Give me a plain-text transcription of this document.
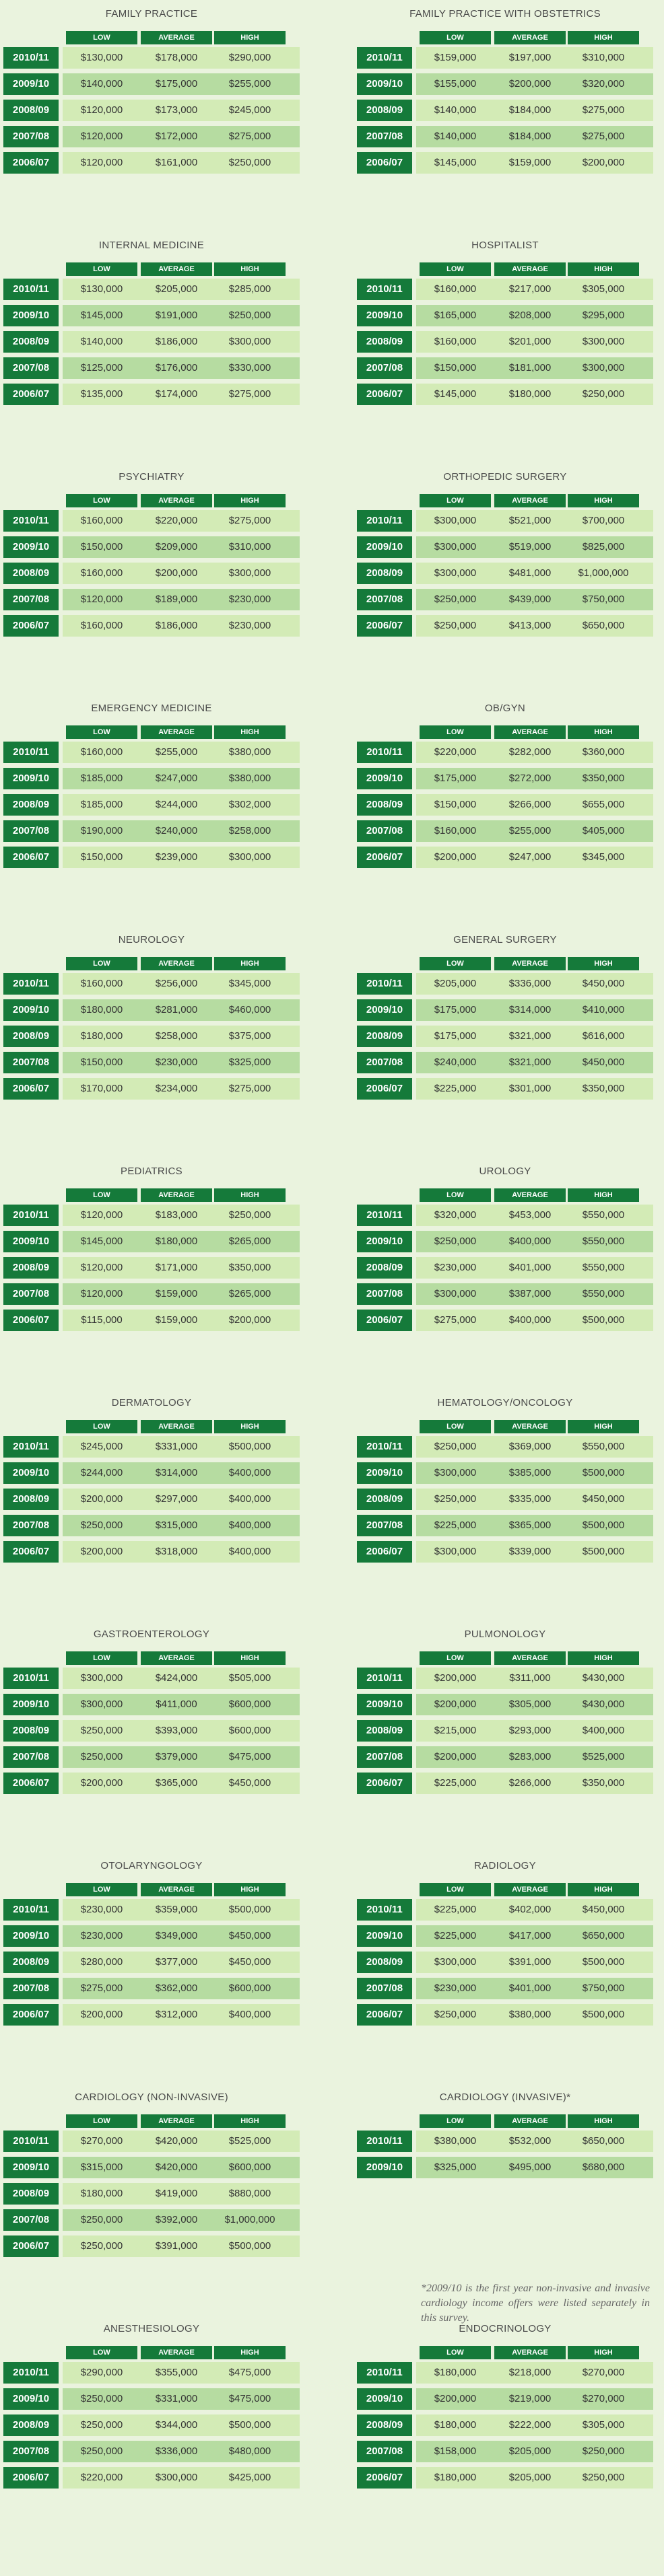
FAMILY PRACTICE
LOW	AVERAGE	HIGH
2010/11	$130,000	$178,000	$290,000
2009/10	$140,000	$175,000	$255,000
2008/09	$120,000	$173,000	$245,000
2007/08	$120,000	$172,000	$275,000
2006/07	$120,000	$161,000	$250,000
FAMILY PRACTICE WITH OBSTETRICS
LOW	AVERAGE	HIGH
2010/11	$159,000	$197,000	$310,000
2009/10	$155,000	$200,000	$320,000
2008/09	$140,000	$184,000	$275,000
2007/08	$140,000	$184,000	$275,000
2006/07	$145,000	$159,000	$200,000
INTERNAL MEDICINE
LOW	AVERAGE	HIGH
2010/11	$130,000	$205,000	$285,000
2009/10	$145,000	$191,000	$250,000
2008/09	$140,000	$186,000	$300,000
2007/08	$125,000	$176,000	$330,000
2006/07	$135,000	$174,000	$275,000
HOSPITALIST
LOW	AVERAGE	HIGH
2010/11	$160,000	$217,000	$305,000
2009/10	$165,000	$208,000	$295,000
2008/09	$160,000	$201,000	$300,000
2007/08	$150,000	$181,000	$300,000
2006/07	$145,000	$180,000	$250,000
PSYCHIATRY
LOW	AVERAGE	HIGH
2010/11	$160,000	$220,000	$275,000
2009/10	$150,000	$209,000	$310,000
2008/09	$160,000	$200,000	$300,000
2007/08	$120,000	$189,000	$230,000
2006/07	$160,000	$186,000	$230,000
ORTHOPEDIC SURGERY
LOW	AVERAGE	HIGH
2010/11	$300,000	$521,000	$700,000
2009/10	$300,000	$519,000	$825,000
2008/09	$300,000	$481,000	$1,000,000
2007/08	$250,000	$439,000	$750,000
2006/07	$250,000	$413,000	$650,000
EMERGENCY MEDICINE
LOW	AVERAGE	HIGH
2010/11	$160,000	$255,000	$380,000
2009/10	$185,000	$247,000	$380,000
2008/09	$185,000	$244,000	$302,000
2007/08	$190,000	$240,000	$258,000
2006/07	$150,000	$239,000	$300,000
OB/GYN
LOW	AVERAGE	HIGH
2010/11	$220,000	$282,000	$360,000
2009/10	$175,000	$272,000	$350,000
2008/09	$150,000	$266,000	$655,000
2007/08	$160,000	$255,000	$405,000
2006/07	$200,000	$247,000	$345,000
NEUROLOGY
LOW	AVERAGE	HIGH
2010/11	$160,000	$256,000	$345,000
2009/10	$180,000	$281,000	$460,000
2008/09	$180,000	$258,000	$375,000
2007/08	$150,000	$230,000	$325,000
2006/07	$170,000	$234,000	$275,000
GENERAL SURGERY
LOW	AVERAGE	HIGH
2010/11	$205,000	$336,000	$450,000
2009/10	$175,000	$314,000	$410,000
2008/09	$175,000	$321,000	$616,000
2007/08	$240,000	$321,000	$450,000
2006/07	$225,000	$301,000	$350,000
PEDIATRICS
LOW	AVERAGE	HIGH
2010/11	$120,000	$183,000	$250,000
2009/10	$145,000	$180,000	$265,000
2008/09	$120,000	$171,000	$350,000
2007/08	$120,000	$159,000	$265,000
2006/07	$115,000	$159,000	$200,000
UROLOGY
LOW	AVERAGE	HIGH
2010/11	$320,000	$453,000	$550,000
2009/10	$250,000	$400,000	$550,000
2008/09	$230,000	$401,000	$550,000
2007/08	$300,000	$387,000	$550,000
2006/07	$275,000	$400,000	$500,000
DERMATOLOGY
LOW	AVERAGE	HIGH
2010/11	$245,000	$331,000	$500,000
2009/10	$244,000	$314,000	$400,000
2008/09	$200,000	$297,000	$400,000
2007/08	$250,000	$315,000	$400,000
2006/07	$200,000	$318,000	$400,000
HEMATOLOGY/ONCOLOGY
LOW	AVERAGE	HIGH
2010/11	$250,000	$369,000	$550,000
2009/10	$300,000	$385,000	$500,000
2008/09	$250,000	$335,000	$450,000
2007/08	$225,000	$365,000	$500,000
2006/07	$300,000	$339,000	$500,000
GASTROENTEROLOGY
LOW	AVERAGE	HIGH
2010/11	$300,000	$424,000	$505,000
2009/10	$300,000	$411,000	$600,000
2008/09	$250,000	$393,000	$600,000
2007/08	$250,000	$379,000	$475,000
2006/07	$200,000	$365,000	$450,000
PULMONOLOGY
LOW	AVERAGE	HIGH
2010/11	$200,000	$311,000	$430,000
2009/10	$200,000	$305,000	$430,000
2008/09	$215,000	$293,000	$400,000
2007/08	$200,000	$283,000	$525,000
2006/07	$225,000	$266,000	$350,000
OTOLARYNGOLOGY
LOW	AVERAGE	HIGH
2010/11	$230,000	$359,000	$500,000
2009/10	$230,000	$349,000	$450,000
2008/09	$280,000	$377,000	$450,000
2007/08	$275,000	$362,000	$600,000
2006/07	$200,000	$312,000	$400,000
RADIOLOGY
LOW	AVERAGE	HIGH
2010/11	$225,000	$402,000	$450,000
2009/10	$225,000	$417,000	$650,000
2008/09	$300,000	$391,000	$500,000
2007/08	$230,000	$401,000	$750,000
2006/07	$250,000	$380,000	$500,000
CARDIOLOGY (NON-INVASIVE)
LOW	AVERAGE	HIGH
2010/11	$270,000	$420,000	$525,000
2009/10	$315,000	$420,000	$600,000
2008/09	$180,000	$419,000	$880,000
2007/08	$250,000	$392,000	$1,000,000
2006/07	$250,000	$391,000	$500,000
CARDIOLOGY (INVASIVE)*
LOW	AVERAGE	HIGH
2010/11	$380,000	$532,000	$650,000
2009/10	$325,000	$495,000	$680,000
ANESTHESIOLOGY
LOW	AVERAGE	HIGH
2010/11	$290,000	$355,000	$475,000
2009/10	$250,000	$331,000	$475,000
2008/09	$250,000	$344,000	$500,000
2007/08	$250,000	$336,000	$480,000
2006/07	$220,000	$300,000	$425,000
ENDOCRINOLOGY
LOW	AVERAGE	HIGH
2010/11	$180,000	$218,000	$270,000
2009/10	$200,000	$219,000	$270,000
2008/09	$180,000	$222,000	$305,000
2007/08	$158,000	$205,000	$250,000
2006/07	$180,000	$205,000	$250,000
*2009/10 is the first year non-invasive and invasive cardiology income offers were listed separately in this survey.
